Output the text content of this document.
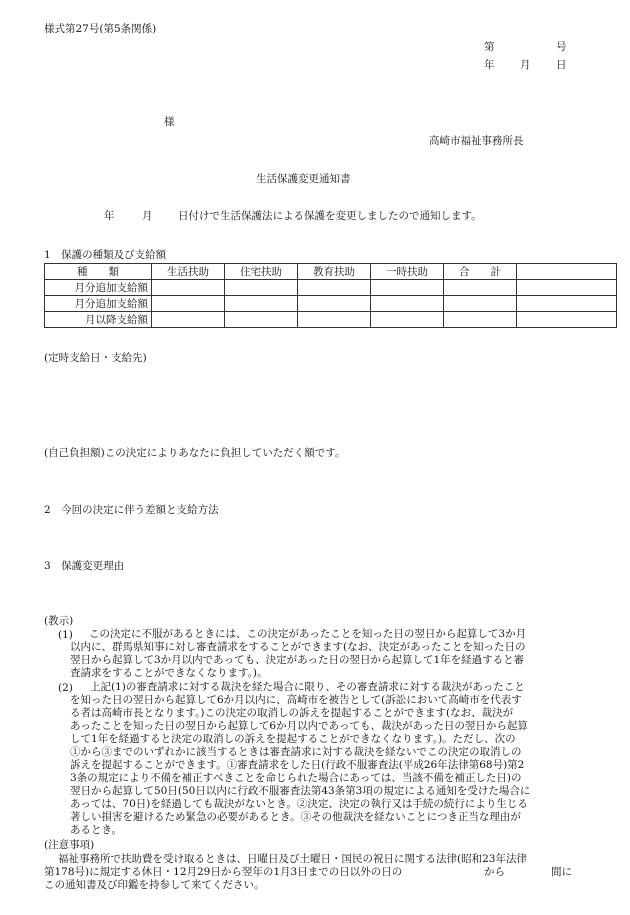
様式第27号(第5条関係)
第	号
年 月 日
様
高崎市福祉事務所長
生活保護変更通知書
年	月 日付けで生活保護法による保護を変更しましたので通知します。
1　保護の種類及び支給額
種　　類	生活扶助	住宅扶助	教育扶助	一時扶助	合　　計	
月分追加支給額						
月分追加支給額						
月以降支給額						
(定時支給日・支給先)
(自己負担額)この決定によりあなたに負担していただく額です。
2　今回の決定に伴う差額と支給方法
3　保護変更理由
(教示)
(1) この決定に不服があるときには、この決定があったことを知った日の翌日から起算して3か月
以内に、群馬県知事に対し審査請求をすることができます(なお、決定があったことを知った日の
翌日から起算して3か月以内であっても、決定があった日の翌日から起算して1年を経過すると審
査請求をすることができなくなります。)。
(2) 上記(1)の審査請求に対する裁決を経た場合に限り、その審査請求に対する裁決があったこと
を知った日の翌日から起算して6か月以内に、高崎市を被告として(訴訟において高崎市を代表す
る者は高崎市長となります。)この決定の取消しの訴えを提起することができます(なお、裁決が
あったことを知った日の翌日から起算して6か月以内であっても、裁決があった日の翌日から起算
して1年を経過すると決定の取消しの訴えを提起することができなくなります。)。ただし、次の
①から③までのいずれかに該当するときは審査請求に対する裁決を経ないでこの決定の取消しの
訴えを提起することができます。①審査請求をした日(行政不服審査法(平成26年法律第68号)第2
3条の規定により不備を補正すべきことを命じられた場合にあっては、当該不備を補正した日)の
翌日から起算して50日(50日以内に行政不服審査法第43条第3項の規定による通知を受けた場合に
あっては、70日)を経過しても裁決がないとき。②決定、決定の執行又は手続の続行により生じる
著しい損害を避けるため緊急の必要があるとき。③その他裁決を経ないことにつき正当な理由が
あるとき。
(注意事項)
福祉事務所で扶助費を受け取るときは、日曜日及び土曜日・国民の祝日に関する法律(昭和23年法律
第178号)に規定する休日・12月29日から翌年の1月3日までの日以外の日の	から	間に
この通知書及び印鑑を持参して来てください。
